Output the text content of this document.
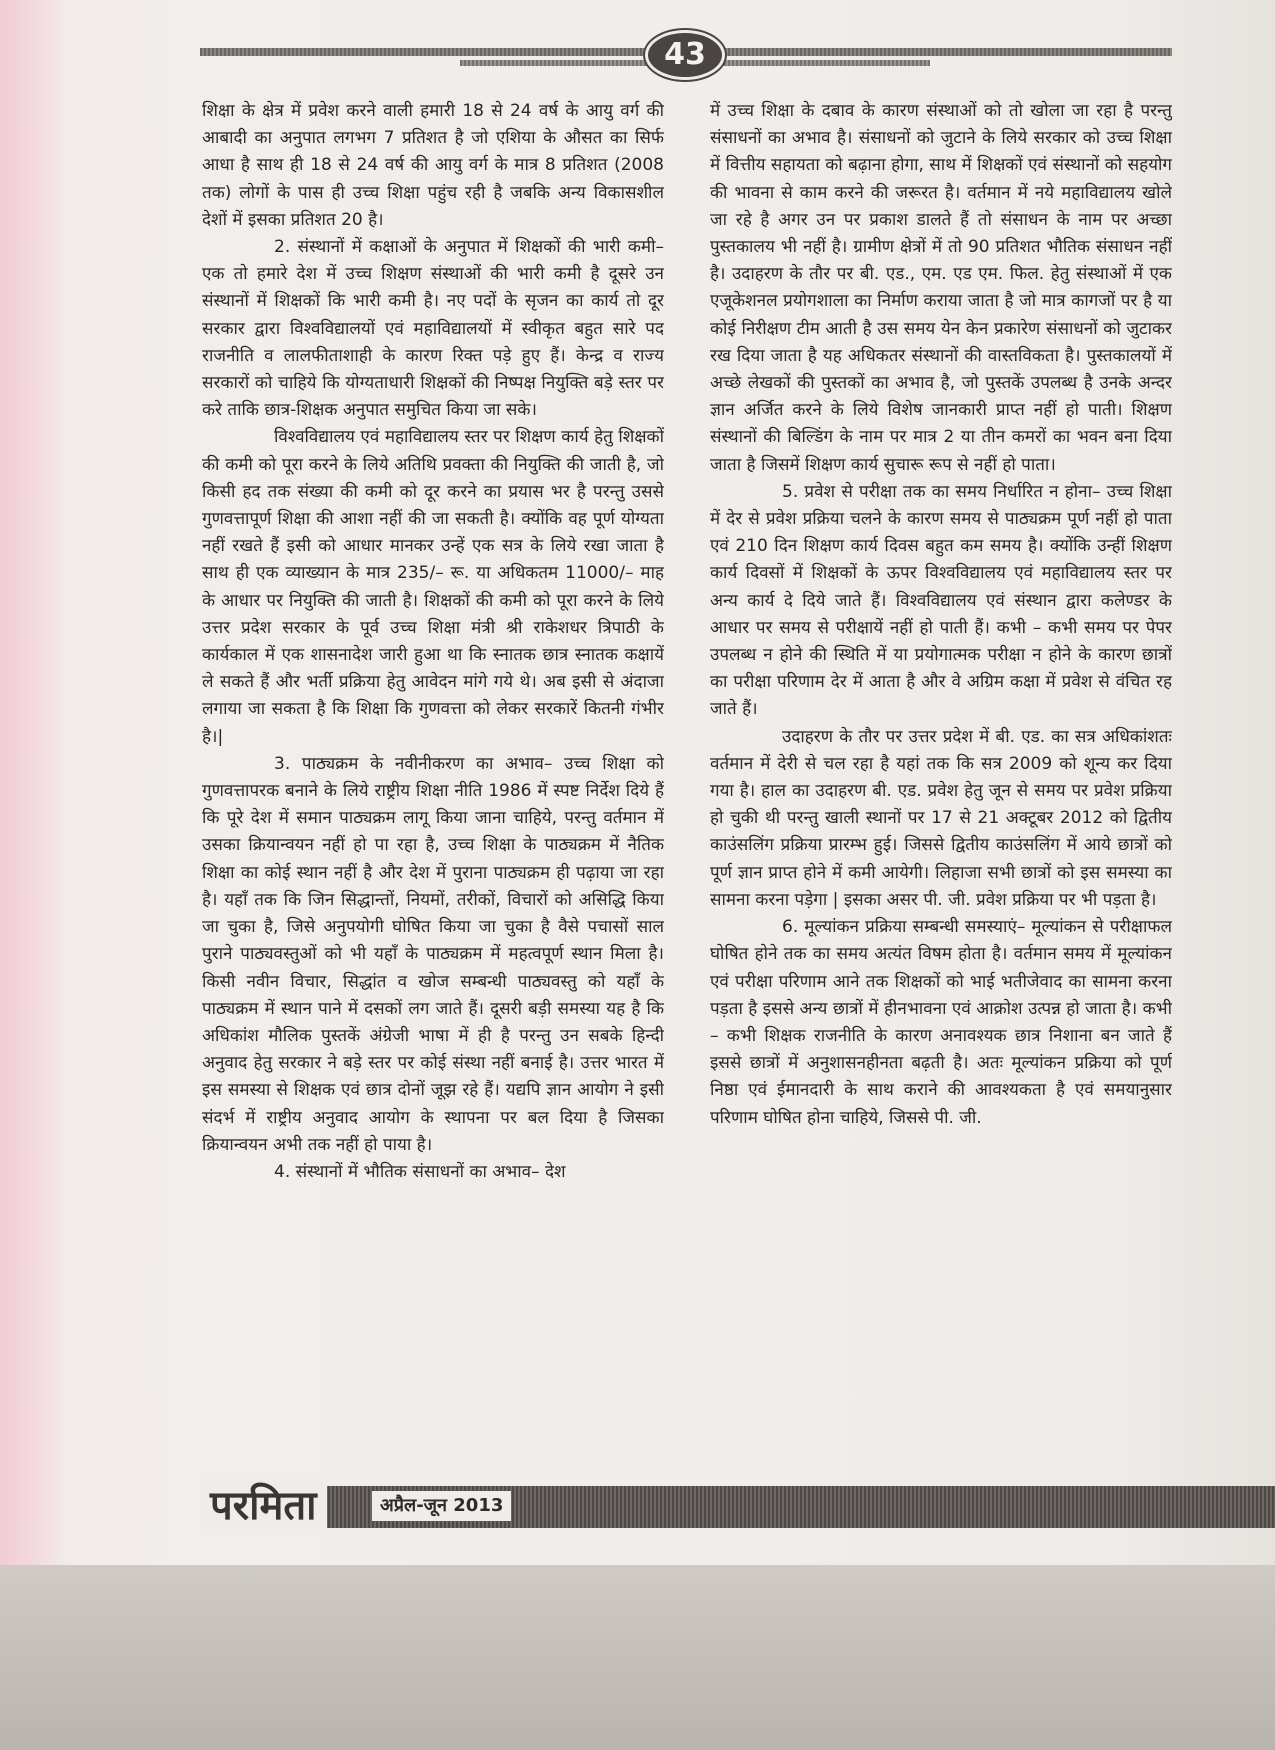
43

शिक्षा के क्षेत्र में प्रवेश करने वाली हमारी 18 से 24 वर्ष के आयु वर्ग की आबादी का अनुपात लगभग 7 प्रतिशत है जो एशिया के औसत का सिर्फ आधा है साथ ही 18 से 24 वर्ष की आयु वर्ग के मात्र 8 प्रतिशत (2008 तक) लोगों के पास ही उच्च शिक्षा पहुंच रही है जबकि अन्य विकासशील देशों में इसका प्रतिशत 20 है।

2. संस्थानों में कक्षाओं के अनुपात में शिक्षकों की भारी कमी– एक तो हमारे देश में उच्च शिक्षण संस्थाओं की भारी कमी है दूसरे उन संस्थानों में शिक्षकों कि भारी कमी है। नए पदों के सृजन का कार्य तो दूर सरकार द्वारा विश्वविद्यालयों एवं महाविद्यालयों में स्वीकृत बहुत सारे पद राजनीति व लालफीताशाही के कारण रिक्त पड़े हुए हैं। केन्द्र व राज्य सरकारों को चाहिये कि योग्यताधारी शिक्षकों की निष्पक्ष नियुक्ति बड़े स्तर पर करे ताकि छात्र-शिक्षक अनुपात समुचित किया जा सके।

विश्वविद्यालय एवं महाविद्यालय स्तर पर शिक्षण कार्य हेतु शिक्षकों की कमी को पूरा करने के लिये अतिथि प्रवक्ता की नियुक्ति की जाती है, जो किसी हद तक संख्या की कमी को दूर करने का प्रयास भर है परन्तु उससे गुणवत्तापूर्ण शिक्षा की आशा नहीं की जा सकती है। क्योंकि वह पूर्ण योग्यता नहीं रखते हैं इसी को आधार मानकर उन्हें एक सत्र के लिये रखा जाता है साथ ही एक व्याख्यान के मात्र 235/– रू. या अधिकतम 11000/– माह के आधार पर नियुक्ति की जाती है। शिक्षकों की कमी को पूरा करने के लिये उत्तर प्रदेश सरकार के पूर्व उच्च शिक्षा मंत्री श्री राकेशधर त्रिपाठी के कार्यकाल में एक शासनादेश जारी हुआ था कि स्नातक छात्र स्नातक कक्षायें ले सकते हैं और भर्ती प्रक्रिया हेतु आवेदन मांगे गये थे। अब इसी से अंदाजा लगाया जा सकता है कि शिक्षा कि गुणवत्ता को लेकर सरकारें कितनी गंभीर है।|

3. पाठ्यक्रम के नवीनीकरण का अभाव– उच्च शिक्षा को गुणवत्तापरक बनाने के लिये राष्ट्रीय शिक्षा नीति 1986 में स्पष्ट निर्देश दिये हैं कि पूरे देश में समान पाठ्यक्रम लागू किया जाना चाहिये, परन्तु वर्तमान में उसका क्रियान्वयन नहीं हो पा रहा है, उच्च शिक्षा के पाठ्यक्रम में नैतिक शिक्षा का कोई स्थान नहीं है और देश में पुराना पाठ्यक्रम ही पढ़ाया जा रहा है। यहाँ तक कि जिन सिद्धान्तों, नियमों, तरीकों, विचारों को असिद्धि किया जा चुका है, जिसे अनुपयोगी घोषित किया जा चुका है वैसे पचासों साल पुराने पाठ्यवस्तुओं को भी यहाँ के पाठ्यक्रम में महत्वपूर्ण स्थान मिला है। किसी नवीन विचार, सिद्धांत व खोज सम्बन्धी पाठ्यवस्तु को यहाँ के पाठ्यक्रम में स्थान पाने में दसकों लग जाते हैं। दूसरी बड़ी समस्या यह है कि अधिकांश मौलिक पुस्तकें अंग्रेजी भाषा में ही है परन्तु उन सबके हिन्दी अनुवाद हेतु सरकार ने बड़े स्तर पर कोई संस्था नहीं बनाई है। उत्तर भारत में इस समस्या से शिक्षक एवं छात्र दोनों जूझ रहे हैं। यद्यपि ज्ञान आयोग ने इसी संदर्भ में राष्ट्रीय अनुवाद आयोग के स्थापना पर बल दिया है जिसका क्रियान्वयन अभी तक नहीं हो पाया है।

4. संस्थानों में भौतिक संसाधनों का अभाव– देश

में उच्च शिक्षा के दबाव के कारण संस्थाओं को तो खोला जा रहा है परन्तु संसाधनों का अभाव है। संसाधनों को जुटाने के लिये सरकार को उच्च शिक्षा में वित्तीय सहायता को बढ़ाना होगा, साथ में शिक्षकों एवं संस्थानों को सहयोग की भावना से काम करने की जरूरत है। वर्तमान में नये महाविद्यालय खोले जा रहे है अगर उन पर प्रकाश डालते हैं तो संसाधन के नाम पर अच्छा पुस्तकालय भी नहीं है। ग्रामीण क्षेत्रों में तो 90 प्रतिशत भौतिक संसाधन नहीं है। उदाहरण के तौर पर बी. एड., एम. एड एम. फिल. हेतु संस्थाओं में एक एजूकेशनल प्रयोगशाला का निर्माण कराया जाता है जो मात्र कागजों पर है या कोई निरीक्षण टीम आती है उस समय येन केन प्रकारेण संसाधनों को जुटाकर रख दिया जाता है यह अधिकतर संस्थानों की वास्तविकता है। पुस्तकालयों में अच्छे लेखकों की पुस्तकों का अभाव है, जो पुस्तकें उपलब्ध है उनके अन्दर ज्ञान अर्जित करने के लिये विशेष जानकारी प्राप्त नहीं हो पाती। शिक्षण संस्थानों की बिल्डिंग के नाम पर मात्र 2 या तीन कमरों का भवन बना दिया जाता है जिसमें शिक्षण कार्य सुचारू रूप से नहीं हो पाता।

5. प्रवेश से परीक्षा तक का समय निर्धारित न होना– उच्च शिक्षा में देर से प्रवेश प्रक्रिया चलने के कारण समय से पाठ्यक्रम पूर्ण नहीं हो पाता एवं 210 दिन शिक्षण कार्य दिवस बहुत कम समय है। क्योंकि उन्हीं शिक्षण कार्य दिवसों में शिक्षकों के ऊपर विश्वविद्यालय एवं महाविद्यालय स्तर पर अन्य कार्य दे दिये जाते हैं। विश्वविद्यालय एवं संस्थान द्वारा कलेण्डर के आधार पर समय से परीक्षायें नहीं हो पाती हैं। कभी – कभी समय पर पेपर उपलब्ध न होने की स्थिति में या प्रयोगात्मक परीक्षा न होने के कारण छात्रों का परीक्षा परिणाम देर में आता है और वे अग्रिम कक्षा में प्रवेश से वंचित रह जाते हैं।

उदाहरण के तौर पर उत्तर प्रदेश में बी. एड. का सत्र अधिकांशतः वर्तमान में देरी से चल रहा है यहां तक कि सत्र 2009 को शून्य कर दिया गया है। हाल का उदाहरण बी. एड. प्रवेश हेतु जून से समय पर प्रवेश प्रक्रिया हो चुकी थी परन्तु खाली स्थानों पर 17 से 21 अक्टूबर 2012 को द्वितीय काउंसलिंग प्रक्रिया प्रारम्भ हुई। जिससे द्वितीय काउंसलिंग में आये छात्रों को पूर्ण ज्ञान प्राप्त होने में कमी आयेगी। लिहाजा सभी छात्रों को इस समस्या का सामना करना पड़ेगा | इसका असर पी. जी. प्रवेश प्रक्रिया पर भी पड़ता है।

6. मूल्यांकन प्रक्रिया सम्बन्धी समस्याएं– मूल्यांकन से परीक्षाफल घोषित होने तक का समय अत्यंत विषम होता है। वर्तमान समय में मूल्यांकन एवं परीक्षा परिणाम आने तक शिक्षकों को भाई भतीजेवाद का सामना करना पड़ता है इससे अन्य छात्रों में हीनभावना एवं आक्रोश उत्पन्न हो जाता है। कभी – कभी शिक्षक राजनीति के कारण अनावश्यक छात्र निशाना बन जाते हैं इससे छात्रों में अनुशासनहीनता बढ़ती है। अतः मूल्यांकन प्रक्रिया को पूर्ण निष्ठा एवं ईमानदारी के साथ कराने की आवश्यकता है एवं समयानुसार परिणाम घोषित होना चाहिये, जिससे पी. जी.

परमिता	अप्रैल-जून 2013
